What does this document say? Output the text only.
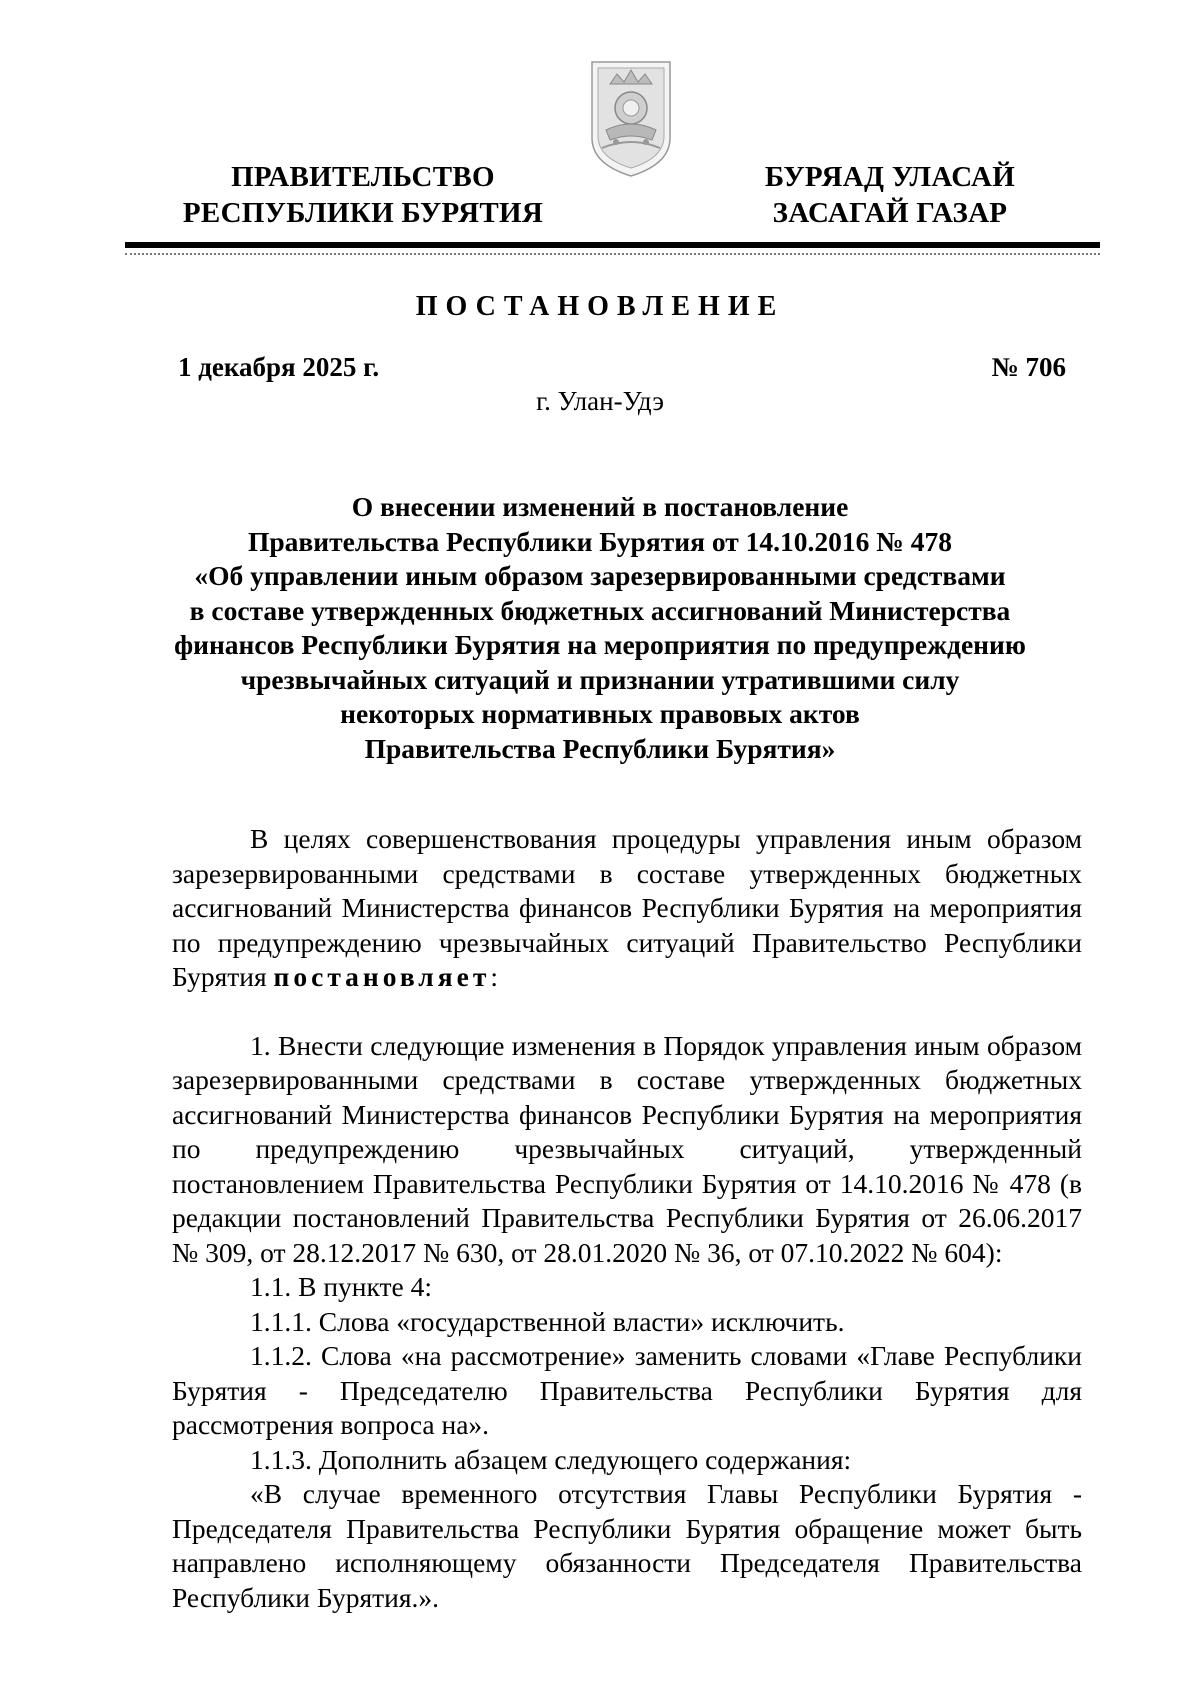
ПРАВИТЕЛЬСТВО
РЕСПУБЛИКИ БУРЯТИЯ
БУРЯАД УЛАСАЙ
ЗАСАГАЙ ГАЗАР
ПОСТАНОВЛЕНИЕ
1 декабря 2025 г.	№ 706
г. Улан-Удэ
О внесении изменений в постановление
Правительства Республики Бурятия от 14.10.2016 № 478
«Об управлении иным образом зарезервированными средствами
в составе утвержденных бюджетных ассигнований Министерства
финансов Республики Бурятия на мероприятия по предупреждению
чрезвычайных ситуаций и признании утратившими силу
некоторых нормативных правовых актов
Правительства Республики Бурятия»

В целях совершенствования процедуры управления иным образом зарезервированными средствами в составе утвержденных бюджетных ассигнований Министерства финансов Республики Бурятия на мероприятия по предупреждению чрезвычайных ситуаций Правительство Республики Бурятия постановляет:

1. Внести следующие изменения в Порядок управления иным образом зарезервированными средствами в составе утвержденных бюджетных ассигнований Министерства финансов Республики Бурятия на мероприятия по предупреждению чрезвычайных ситуаций, утвержденный постановлением Правительства Республики Бурятия от 14.10.2016 № 478 (в редакции постановлений Правительства Республики Бурятия от 26.06.2017 № 309, от 28.12.2017 № 630, от 28.01.2020 № 36, от 07.10.2022 № 604):

1.1. В пункте 4:

1.1.1. Слова «государственной власти» исключить.

1.1.2. Слова «на рассмотрение» заменить словами «Главе Республики Бурятия - Председателю Правительства Республики Бурятия для рассмотрения вопроса на».

1.1.3. Дополнить абзацем следующего содержания:

«В случае временного отсутствия Главы Республики Бурятия - Председателя Правительства Республики Бурятия обращение может быть направлено исполняющему обязанности Председателя Правительства Республики Бурятия.».
